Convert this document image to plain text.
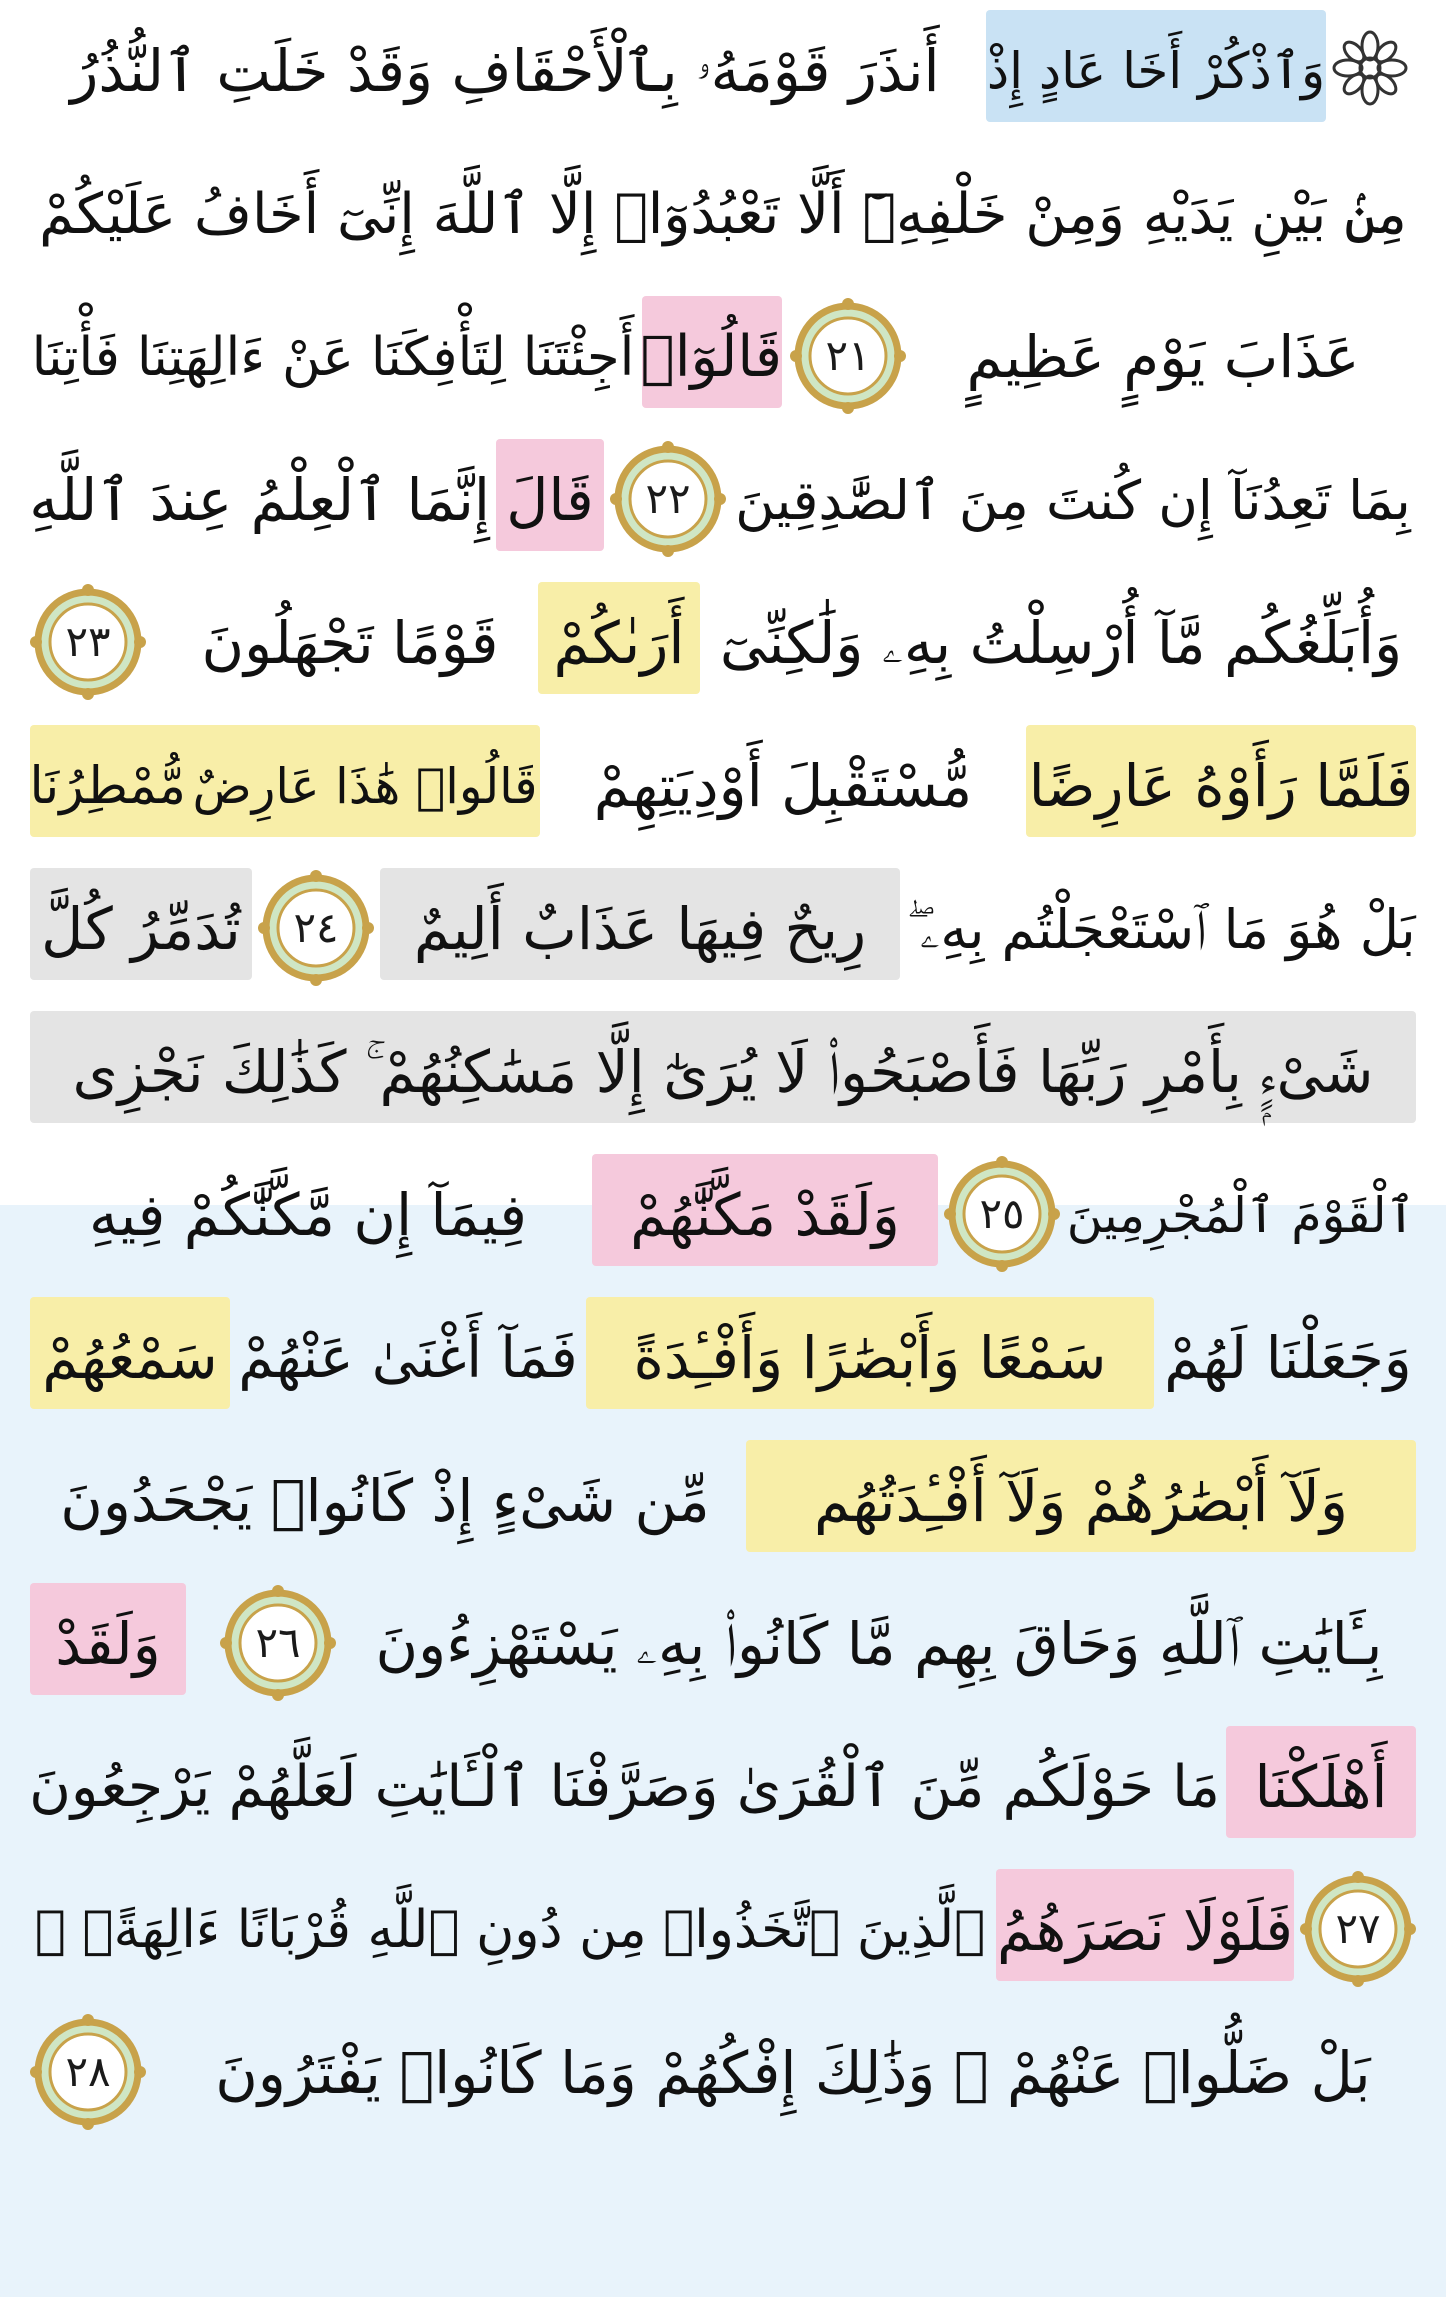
وَٱذْكُرْ أَخَا عَادٍ إِذْ
أَنذَرَ قَوْمَهُۥ بِٱلْأَحْقَافِ وَقَدْ خَلَتِ ٱلنُّذُرُ
مِنۢ بَيْنِ يَدَيْهِ وَمِنْ خَلْفِهِۦٓ أَلَّا تَعْبُدُوٓا۟ إِلَّا ٱللَّهَ إِنِّىٓ أَخَافُ عَلَيْكُمْ
عَذَابَ يَوْمٍ عَظِيمٍ
٢١
قَالُوٓا۟
أَجِئْتَنَا لِتَأْفِكَنَا عَنْ ءَالِهَتِنَا فَأْتِنَا
بِمَا تَعِدُنَآ إِن كُنتَ مِنَ ٱلصَّٰدِقِينَ
٢٢
قَالَ
إِنَّمَا ٱلْعِلْمُ عِندَ ٱللَّهِ
وَأُبَلِّغُكُم مَّآ أُرْسِلْتُ بِهِۦ وَلَٰكِنِّىٓ
أَرَىٰكُمْ
قَوْمًا تَجْهَلُونَ
٢٣
فَلَمَّا رَأَوْهُ عَارِضًا
مُّسْتَقْبِلَ أَوْدِيَتِهِمْ
قَالُوا۟ هَٰذَا عَارِضٌ
مُّمْطِرُنَا
بَلْ هُوَ مَا ٱسْتَعْجَلْتُم بِهِۦ ۖ
رِيحٌ فِيهَا عَذَابٌ أَلِيمٌ
٢٤
تُدَمِّرُ كُلَّ
شَىْءٍۭ بِأَمْرِ رَبِّهَا فَأَصْبَحُوا۟ لَا يُرَىٰٓ إِلَّا مَسَٰكِنُهُمْ ۚ كَذَٰلِكَ نَجْزِى
ٱلْقَوْمَ ٱلْمُجْرِمِينَ
٢٥
وَلَقَدْ مَكَّنَّٰهُمْ
فِيمَآ إِن مَّكَّنَّٰكُمْ فِيهِ
وَجَعَلْنَا لَهُمْ
سَمْعًا وَأَبْصَٰرًا وَأَفْـِٔدَةً
فَمَآ أَغْنَىٰ عَنْهُمْ
سَمْعُهُمْ
وَلَآ أَبْصَٰرُهُمْ وَلَآ أَفْـِٔدَتُهُم
مِّن شَىْءٍ إِذْ كَانُوا۟ يَجْحَدُونَ
بِـَٔايَٰتِ ٱللَّهِ وَحَاقَ بِهِم مَّا كَانُوا۟ بِهِۦ يَسْتَهْزِءُونَ
٢٦
وَلَقَدْ
أَهْلَكْنَا
مَا حَوْلَكُم مِّنَ ٱلْقُرَىٰ وَصَرَّفْنَا ٱلْـَٔايَٰتِ لَعَلَّهُمْ يَرْجِعُونَ
٢٧
فَلَوْلَا نَصَرَهُمُ
ٱلَّذِينَ ٱتَّخَذُوا۟ مِن دُونِ ٱللَّهِ قُرْبَانًا ءَالِهَةًۢ ۖ
بَلْ ضَلُّوا۟ عَنْهُمْ ۚ وَذَٰلِكَ إِفْكُهُمْ وَمَا كَانُوا۟ يَفْتَرُونَ
٢٨
